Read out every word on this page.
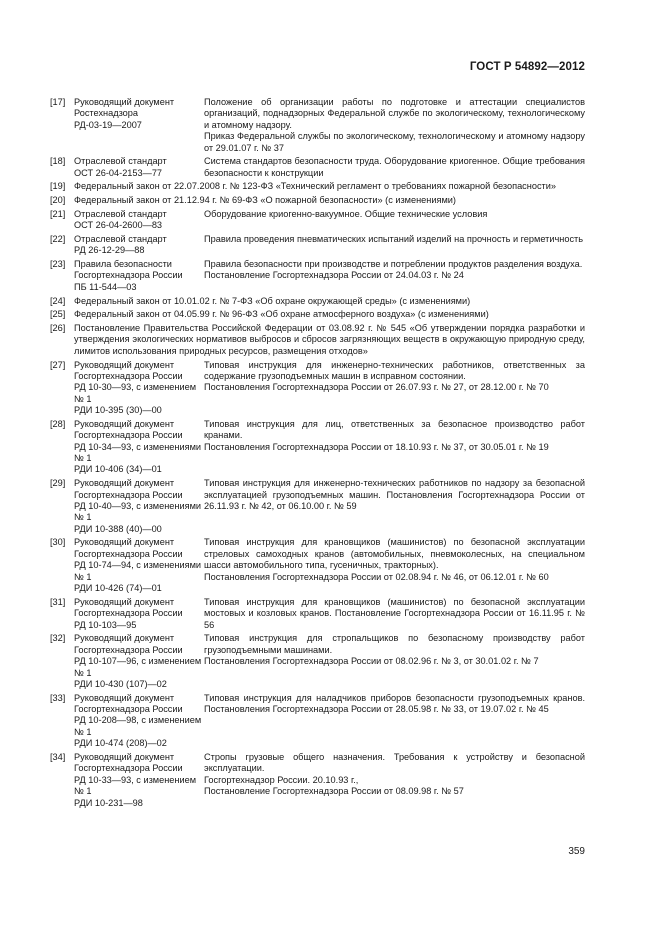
ГОСТ Р 54892—2012
[17] Руководящий документ
Ростехнадзора
РД-03-19—2007
Положение об организации работы по подготовке и аттестации специалистов организаций, поднадзорных Федеральной службе по экологическому, технологическому и атомному надзору.
Приказ Федеральной службы по экологическому, технологическому и атомному надзору от 29.01.07 г. № 37
[18] Отраслевой стандарт
ОСТ 26-04-2153—77
Система стандартов безопасности труда. Оборудование криогенное. Общие требования безопасности к конструкции
[19] Федеральный закон от 22.07.2008 г. № 123-ФЗ «Технический регламент о требованиях пожарной безопасности»
[20] Федеральный закон от 21.12.94 г. № 69-ФЗ «О пожарной безопасности» (с изменениями)
[21] Отраслевой стандарт
ОСТ 26-04-2600—83
Оборудование криогенно-вакуумное. Общие технические условия
[22] Отраслевой стандарт
РД 26-12-29—88
Правила проведения пневматических испытаний изделий на прочность и герметичность
[23] Правила безопасности
Госгортехнадзора России
ПБ 11-544—03
Правила безопасности при производстве и потреблении продуктов разделения воздуха.
Постановление Госгортехнадзора России от 24.04.03 г. № 24
[24] Федеральный закон от 10.01.02 г. № 7-ФЗ «Об охране окружающей среды» (с изменениями)
[25] Федеральный закон от 04.05.99 г. № 96-ФЗ «Об охране атмосферного воздуха» (с изменениями)
[26] Постановление Правительства Российской Федерации от 03.08.92 г. № 545 «Об утверждении порядка разработки и утверждения экологических нормативов выбросов и сбросов загрязняющих веществ в окружающую природную среду, лимитов использования природных ресурсов, размещения отходов»
[27] Руководящий документ
Госгортехнадзора России
РД 10-30—93, с изменением № 1
РДИ 10-395 (30)—00
Типовая инструкция для инженерно-технических работников, ответственных за содержание грузоподъемных машин в исправном состоянии.
Постановления Госгортехнадзора России от 26.07.93 г. № 27, от 28.12.00 г. № 70
[28] Руководящий документ
Госгортехнадзора России
РД 10-34—93, с изменениями № 1
РДИ 10-406 (34)—01
Типовая инструкция для лиц, ответственных за безопасное производство работ кранами.
Постановления Госгортехнадзора России от 18.10.93 г. № 37, от 30.05.01 г. № 19
[29] Руководящий документ
Госгортехнадзора России
РД 10-40—93, с изменениями № 1
РДИ 10-388 (40)—00
Типовая инструкция для инженерно-технических работников по надзору за безопасной эксплуатацией грузоподъемных машин. Постановления Госгортехнадзора России от 26.11.93 г. № 42, от 06.10.00 г. № 59
[30] Руководящий документ
Госгортехнадзора России
РД 10-74—94, с изменениями № 1
РДИ 10-426 (74)—01
Типовая инструкция для крановщиков (машинистов) по безопасной эксплуатации стреловых самоходных кранов (автомобильных, пневмоколесных, на специальном шасси автомобильного типа, гусеничных, тракторных).
Постановления Госгортехнадзора России от 02.08.94 г. № 46, от 06.12.01 г. № 60
[31] Руководящий документ
Госгортехнадзора России
РД 10-103—95
Типовая инструкция для крановщиков (машинистов) по безопасной эксплуатации мостовых и козловых кранов. Постановление Госгортехнадзора России от 16.11.95 г. № 56
[32] Руководящий документ
Госгортехнадзора России
РД 10-107—96, с изменением № 1
РДИ 10-430 (107)—02
Типовая инструкция для стропальщиков по безопасному производству работ грузоподъемными машинами.
Постановления Госгортехнадзора России от 08.02.96 г. № 3, от 30.01.02 г. № 7
[33] Руководящий документ
Госгортехнадзора России
РД 10-208—98, с изменением № 1
РДИ 10-474 (208)—02
Типовая инструкция для наладчиков приборов безопасности грузоподъемных кранов. Постановления Госгортехнадзора России от 28.05.98 г. № 33, от 19.07.02 г. № 45
[34] Руководящий документ
Госгортехнадзора России
РД 10-33—93, с изменением № 1
РДИ 10-231—98
Стропы грузовые общего назначения. Требования к устройству и безопасной эксплуатации.
Госгортехнадзор России. 20.10.93 г.,
Постановление Госгортехнадзора России от 08.09.98 г. № 57
359
